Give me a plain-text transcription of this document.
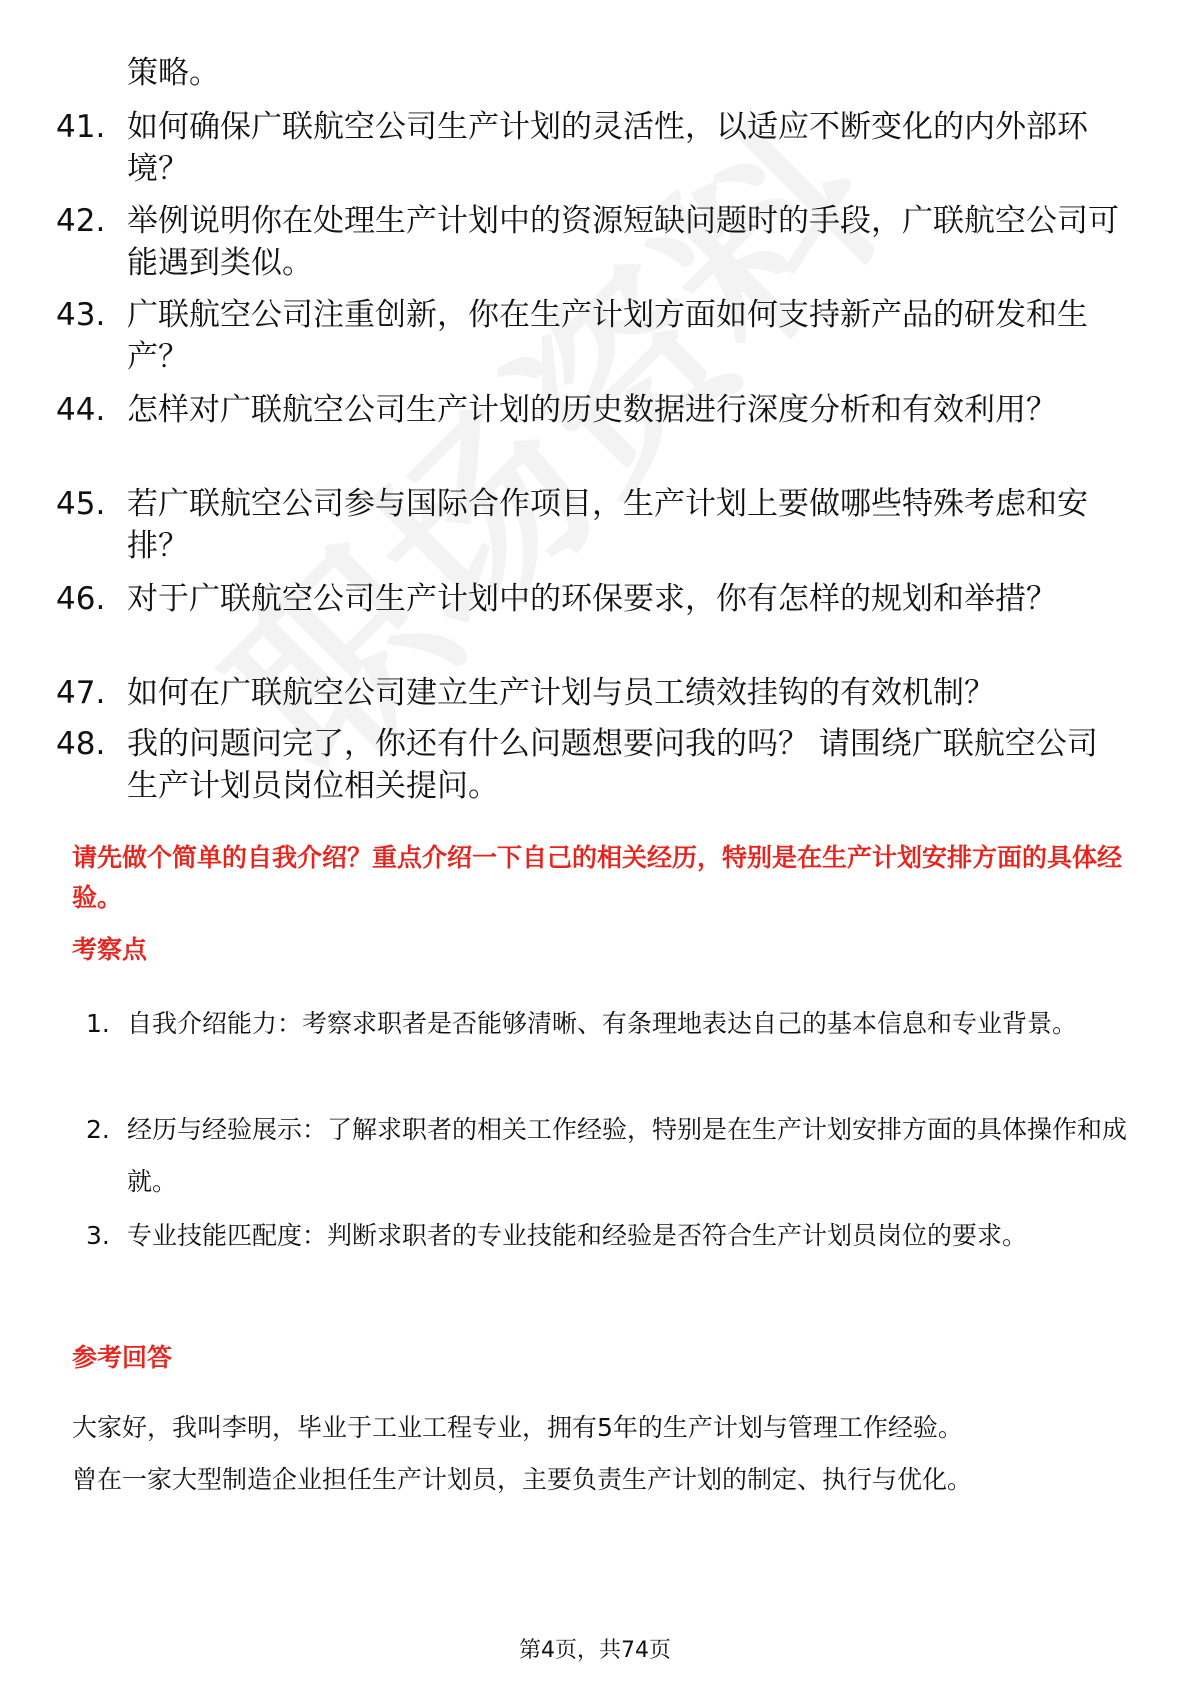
策略。
41. 如何确保广联航空公司生产计划的灵活性，以适应不断变化的内外部环境？
42. 举例说明你在处理生产计划中的资源短缺问题时的手段，广联航空公司可能遇到类似。
43. 广联航空公司注重创新，你在生产计划方面如何支持新产品的研发和生产？
44. 怎样对广联航空公司生产计划的历史数据进行深度分析和有效利用？
45. 若广联航空公司参与国际合作项目，生产计划上要做哪些特殊考虑和安排？
46. 对于广联航空公司生产计划中的环保要求，你有怎样的规划和举措？
47. 如何在广联航空公司建立生产计划与员工绩效挂钩的有效机制？
48. 我的问题问完了，你还有什么问题想要问我的吗？ 请围绕广联航空公司生产计划员岗位相关提问。
请先做个简单的自我介绍？重点介绍一下自己的相关经历，特别是在生产计划安排方面的具体经验。
考察点
1. 自我介绍能力：考察求职者是否能够清晰、有条理地表达自己的基本信息和专业背景。
2. 经历与经验展示：了解求职者的相关工作经验，特别是在生产计划安排方面的具体操作和成就。
3. 专业技能匹配度：判断求职者的专业技能和经验是否符合生产计划员岗位的要求。
参考回答
大家好，我叫李明，毕业于工业工程专业，拥有5年的生产计划与管理工作经验。
曾在一家大型制造企业担任生产计划员，主要负责生产计划的制定、执行与优化。
第4页，共74页
